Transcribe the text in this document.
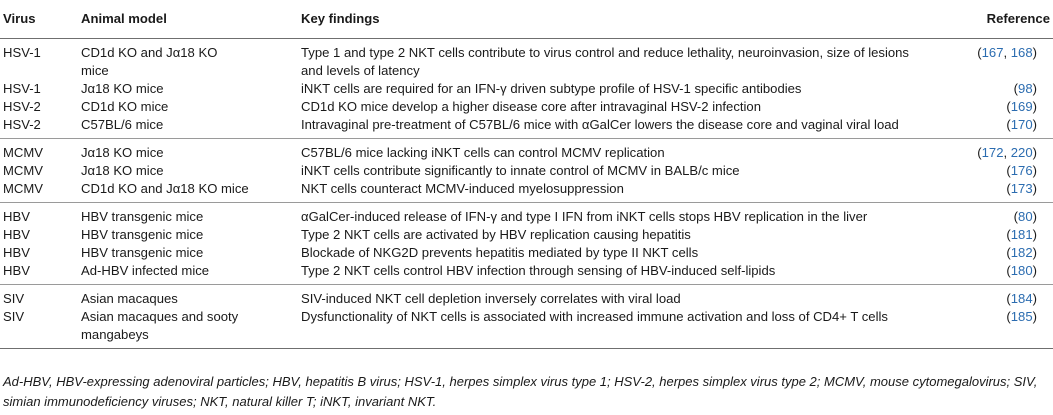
Virus	Animal model	Key findings	Reference
HSV-1	CD1d KO and Jα18 KO mice	Type 1 and type 2 NKT cells contribute to virus control and reduce lethality, neuroinvasion, size of lesions and levels of latency	(167, 168)
HSV-1	Jα18 KO mice	iNKT cells are required for an IFN-γ driven subtype profile of HSV-1 specific antibodies	(98)
HSV-2	CD1d KO mice	CD1d KO mice develop a higher disease core after intravaginal HSV-2 infection	(169)
HSV-2	C57BL/6 mice	Intravaginal pre-treatment of C57BL/6 mice with αGalCer lowers the disease core and vaginal viral load	(170)
MCMV	Jα18 KO mice	C57BL/6 mice lacking iNKT cells can control MCMV replication	(172, 220)
MCMV	Jα18 KO mice	iNKT cells contribute significantly to innate control of MCMV in BALB/c mice	(176)
MCMV	CD1d KO and Jα18 KO mice	NKT cells counteract MCMV-induced myelosuppression	(173)
HBV	HBV transgenic mice	αGalCer-induced release of IFN-γ and type I IFN from iNKT cells stops HBV replication in the liver	(80)
HBV	HBV transgenic mice	Type 2 NKT cells are activated by HBV replication causing hepatitis	(181)
HBV	HBV transgenic mice	Blockade of NKG2D prevents hepatitis mediated by type II NKT cells	(182)
HBV	Ad-HBV infected mice	Type 2 NKT cells control HBV infection through sensing of HBV-induced self-lipids	(180)
SIV	Asian macaques	SIV-induced NKT cell depletion inversely correlates with viral load	(184)
SIV	Asian macaques and sooty mangabeys	Dysfunctionality of NKT cells is associated with increased immune activation and loss of CD4+ T cells	(185)
Ad-HBV, HBV-expressing adenoviral particles; HBV, hepatitis B virus; HSV-1, herpes simplex virus type 1; HSV-2, herpes simplex virus type 2; MCMV, mouse cytomegalovirus; SIV, simian immunodeficiency viruses; NKT, natural killer T; iNKT, invariant NKT.
